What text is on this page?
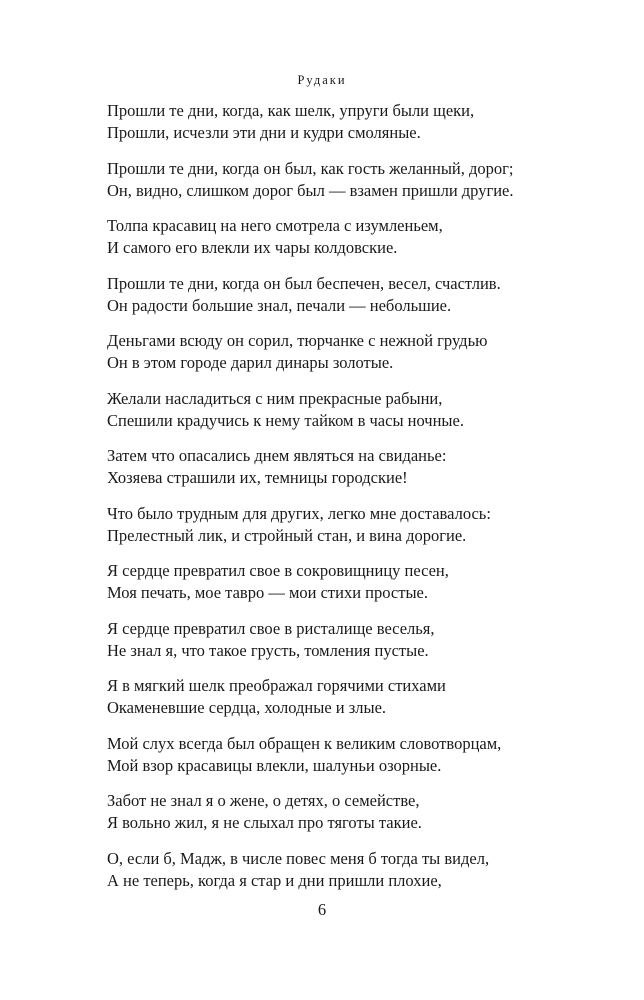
Рудаки
Прошли те дни, когда, как шелк, упруги были щеки,
Прошли, исчезли эти дни и кудри смоляные.
Прошли те дни, когда он был, как гость желанный, дорог;
Он, видно, слишком дорог был — взамен пришли другие.
Толпа красавиц на него смотрела с изумленьем,
И самого его влекли их чары колдовские.
Прошли те дни, когда он был беспечен, весел, счастлив.
Он радости большие знал, печали — небольшие.
Деньгами всюду он сорил, тюрчанке с нежной грудью
Он в этом городе дарил динары золотые.
Желали насладиться с ним прекрасные рабыни,
Спешили крадучись к нему тайком в часы ночные.
Затем что опасались днем являться на свиданье:
Хозяева страшили их, темницы городские!
Что было трудным для других, легко мне доставалось:
Прелестный лик, и стройный стан, и вина дорогие.
Я сердце превратил свое в сокровищницу песен,
Моя печать, мое тавро — мои стихи простые.
Я сердце превратил свое в ристалище веселья,
Не знал я, что такое грусть, томления пустые.
Я в мягкий шелк преображал горячими стихами
Окаменевшие сердца, холодные и злые.
Мой слух всегда был обращен к великим словотворцам,
Мой взор красавицы влекли, шалуньи озорные.
Забот не знал я о жене, о детях, о семействе,
Я вольно жил, я не слыхал про тяготы такие.
О, если б, Мадж, в числе повес меня б тогда ты видел,
А не теперь, когда я стар и дни пришли плохие,
6
